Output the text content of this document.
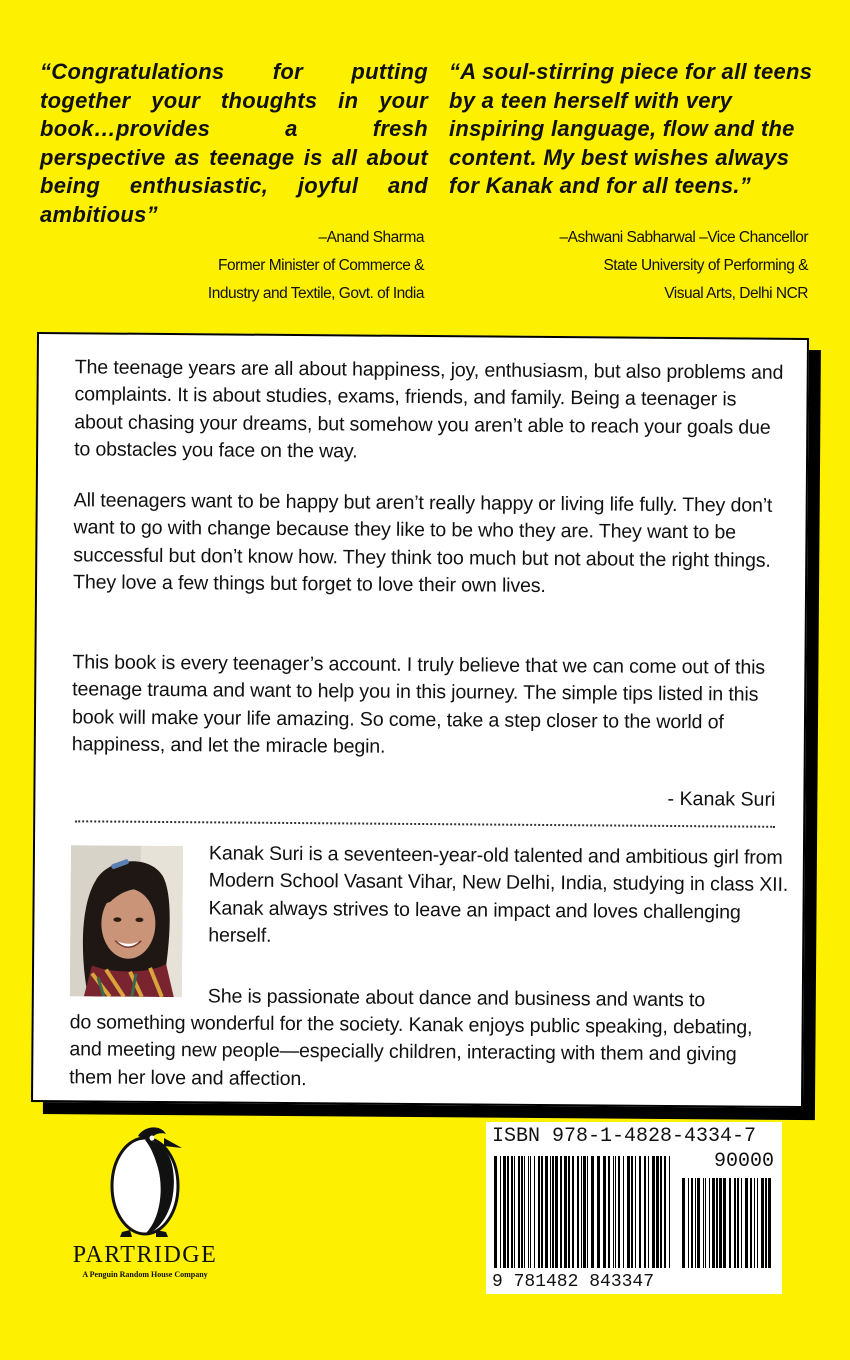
“Congratulations for putting together your thoughts in your book…provides a fresh perspective as teenage is all about being enthusiastic, joyful and ambitious”
“A soul-stirring piece for all teens by a teen herself with very inspiring language, flow and the content. My best wishes always for Kanak and for all teens.”
–Anand Sharma
Former Minister of Commerce &
Industry and Textile, Govt. of India
–Ashwani Sabharwal –Vice Chancellor
State University of Performing &
Visual Arts, Delhi NCR

The teenage years are all about happiness, joy, enthusiasm, but also problems and complaints. It is about studies, exams, friends, and family. Being a teenager is about chasing your dreams, but somehow you aren’t able to reach your goals due to obstacles you face on the way.

All teenagers want to be happy but aren’t really happy or living life fully. They don’t want to go with change because they like to be who they are. They want to be successful but don’t know how. They think too much but not about the right things. They love a few things but forget to love their own lives.

This book is every teenager’s account. I truly believe that we can come out of this teenage trauma and want to help you in this journey. The simple tips listed in this book will make your life amazing. So come, take a step closer to the world of happiness, and let the miracle begin.

- Kanak Suri
Kanak Suri is a seventeen-year-old talented and ambitious girl from Modern School Vasant Vihar, New Delhi, India, studying in class XII. Kanak always strives to leave an impact and loves challenging herself.
She is passionate about dance and business and wants to
do something wonderful for the society. Kanak enjoys public speaking, debating, and meeting new people—especially children, interacting with them and giving them her love and affection.
PARTRIDGE
A Penguin Random House Company
ISBN 978-1-4828-4334-7
90000
9 781482 843347
